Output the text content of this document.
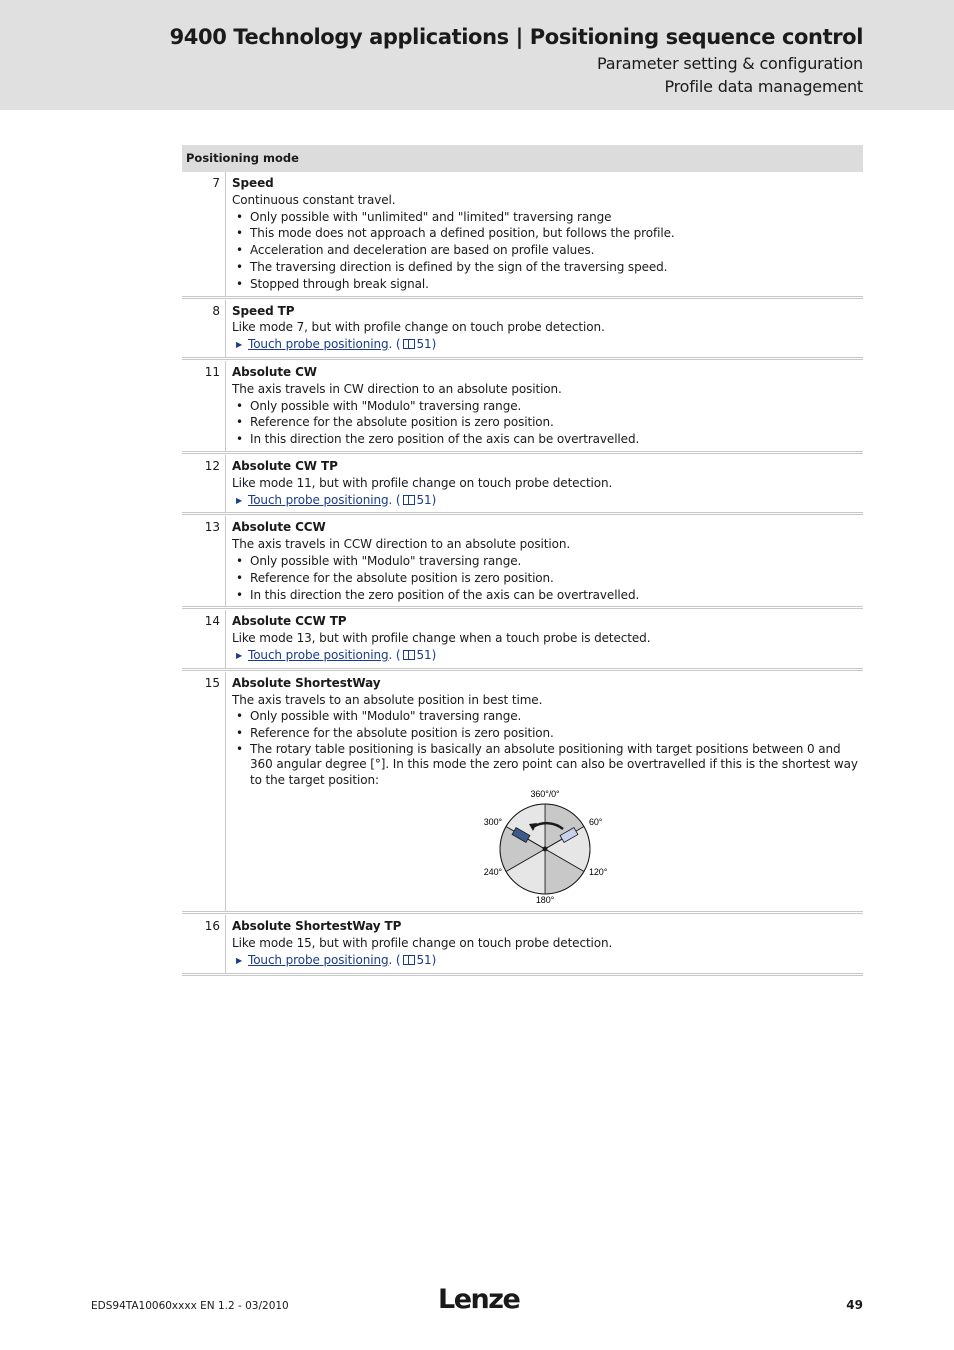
9400 Technology applications | Positioning sequence control
Parameter setting & configuration
Profile data management
Positioning mode
7	Speed
Continuous constant travel.
• Only possible with "unlimited" and "limited" traversing range
• This mode does not approach a defined position, but follows the profile.
• Acceleration and deceleration are based on profile values.
• The traversing direction is defined by the sign of the traversing speed.
• Stopped through break signal.
8	Speed TP
Like mode 7, but with profile change on touch probe detection.
▶ Touch probe positioning. ( 51)
11	Absolute CW
The axis travels in CW direction to an absolute position.
• Only possible with "Modulo" traversing range.
• Reference for the absolute position is zero position.
• In this direction the zero position of the axis can be overtravelled.
12	Absolute CW TP
Like mode 11, but with profile change on touch probe detection.
▶ Touch probe positioning. ( 51)
13	Absolute CCW
The axis travels in CCW direction to an absolute position.
• Only possible with "Modulo" traversing range.
• Reference for the absolute position is zero position.
• In this direction the zero position of the axis can be overtravelled.
14	Absolute CCW TP
Like mode 13, but with profile change when a touch probe is detected.
▶ Touch probe positioning. ( 51)
15	Absolute ShortestWay
The axis travels to an absolute position in best time.
• Only possible with "Modulo" traversing range.
• Reference for the absolute position is zero position.
• The rotary table positioning is basically an absolute positioning with target positions between 0 and 360 angular degree [°]. In this mode the zero point can also be overtravelled if this is the shortest way to the target position:
360°/0°
60°
120°
180°
240°
300°
16	Absolute ShortestWay TP
Like mode 15, but with profile change on touch probe detection.
▶ Touch probe positioning. ( 51)
EDS94TA10060xxxx EN 1.2 - 03/2010	Lenze	49
